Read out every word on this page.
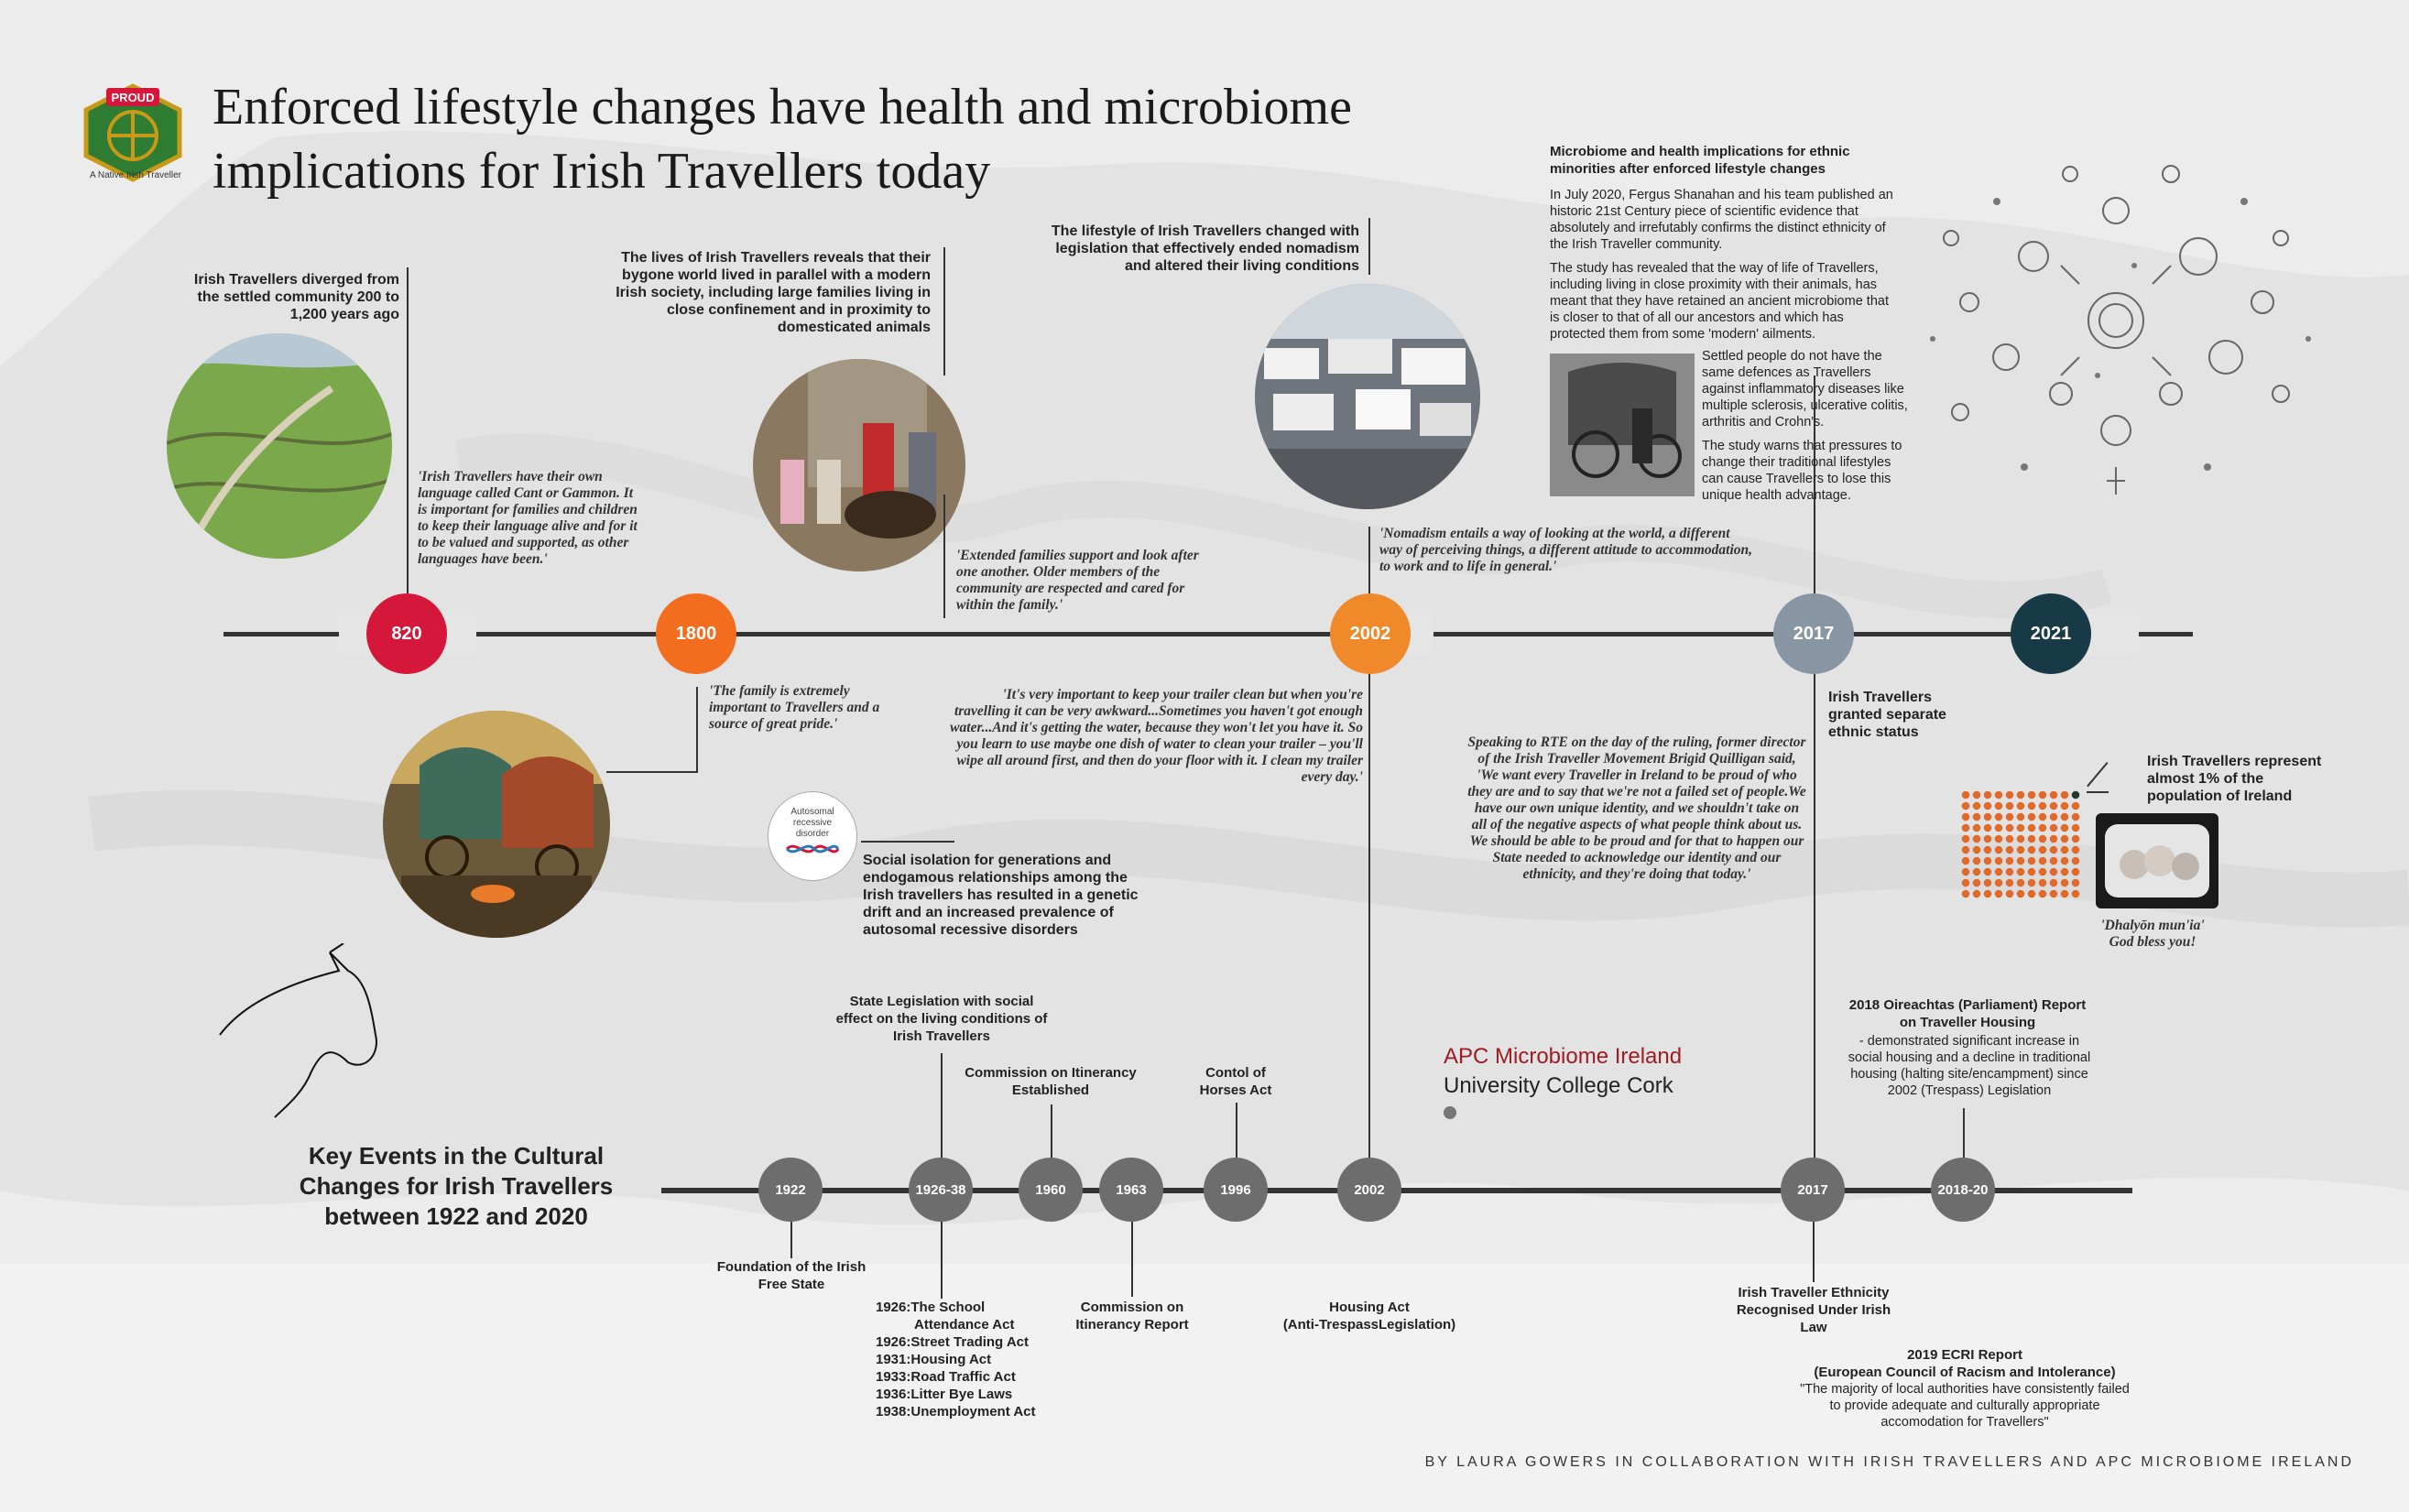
PROUD
A Native Irish Traveller
Enforced lifestyle changes have health and microbiome
implications for Irish Travellers today
820	1800	2002	2017	2021
Irish Travellers diverged from the settled community 200 to 1,200 years ago
'Irish Travellers have their own language called Cant or Gammon. It is important for families and children to keep their language alive and for it to be valued and supported, as other languages have been.'
The lives of Irish Travellers reveals that their bygone world lived in parallel with a modern Irish society, including large families living in close confinement and in proximity to domesticated animals
'Extended families support and look after one another. Older members of the community are respected and cared for within the family.'
'The family is extremely important to Travellers and a source of great pride.'
The lifestyle of Irish Travellers changed with legislation that effectively ended nomadism and altered their living conditions
'Nomadism entails a way of looking at the world, a different way of perceiving things, a different attitude to accommodation, to work and to life in general.'
'It's very important to keep your trailer clean but when you're travelling it can be very awkward...Sometimes you haven't got enough water...And it's getting the water, because they won't let you have it. So you learn to use maybe one dish of water to clean your trailer – you'll wipe all around first, and then do your floor with it. I clean my trailer every day.'
Autosomal recessive disorder
Social isolation for generations and endogamous relationships among the Irish travellers has resulted in a genetic drift and an increased prevalence of autosomal recessive disorders
Irish Travellers granted separate ethnic status
Speaking to RTE on the day of the ruling, former director of the Irish Traveller Movement Brigid Quilligan said, 'We want every Traveller in Ireland to be proud of who they are and to say that we're not a failed set of people.We have our own unique identity, and we shouldn't take on all of the negative aspects of what people think about us. We should be able to be proud and for that to happen our State needed to acknowledge our identity and our ethnicity, and they're doing that today.'
Microbiome and health implications for ethnic minorities after enforced lifestyle changes
In July 2020, Fergus Shanahan and his team published an historic 21st Century piece of scientific evidence that absolutely and irrefutably confirms the distinct ethnicity of the Irish Traveller community.
The study has revealed that the way of life of Travellers, including living in close proximity with their animals, has meant that they have retained an ancient microbiome that is closer to that of all our ancestors and which has protected them from some 'modern' ailments.
Settled people do not have the same defences as Travellers against inflammatory diseases like multiple sclerosis, ulcerative colitis, arthritis and Crohn's.
The study warns that pressures to change their traditional lifestyles can cause Travellers to lose this unique health advantage.
Irish Travellers represent almost 1% of the population of Ireland
'Dhalyōn mun'ia'
God bless you!
APC Microbiome Ireland
University College Cork
Key Events in the Cultural Changes for Irish Travellers between 1922 and 2020
1922	1926-38	1960	1963	1996	2002	2017	2018-20
State Legislation with social effect on the living conditions of Irish Travellers
Commission on Itinerancy Established
Contol of Horses Act
2018 Oireachtas (Parliament) Report on Traveller Housing
- demonstrated significant increase in social housing and a decline in traditional housing (halting site/encampment) since 2002 (Trespass) Legislation
Foundation of the Irish Free State
1926:The School
Attendance Act
1926:Street Trading Act
1931:Housing Act
1933:Road Traffic Act
1936:Litter Bye Laws
1938:Unemployment Act
Commission on Itinerancy Report
Housing Act
(Anti-TrespassLegislation)
Irish Traveller Ethnicity Recognised Under Irish Law
2019 ECRI Report
(European Council of Racism and Intolerance)
"The majority of local authorities have consistently failed to provide adequate and culturally appropriate accomodation for Travellers"
BY LAURA GOWERS IN COLLABORATION WITH IRISH TRAVELLERS AND APC MICROBIOME IRELAND
